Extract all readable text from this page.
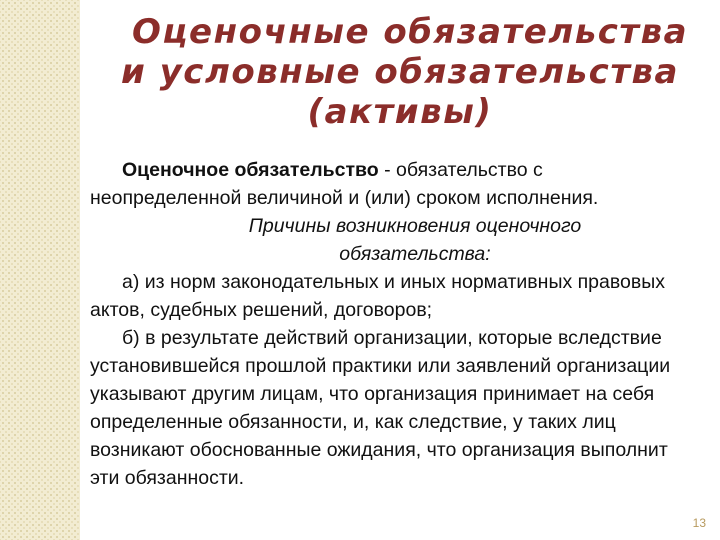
Оценочные обязательства
и условные обязательства
(активы)

Оценочное обязательство - обязательство с неопределенной величиной и (или) сроком исполнения.

Причины возникновения оценочного
обязательства:

а) из норм законодательных и иных нормативных правовых актов, судебных решений, договоров;

б) в результате действий организации, которые вследствие установившейся прошлой практики или заявлений организации указывают другим лицам, что организация принимает на себя определенные обязанности, и, как следствие, у таких лиц возникают обоснованные ожидания, что организация выполнит эти обязанности.

13
